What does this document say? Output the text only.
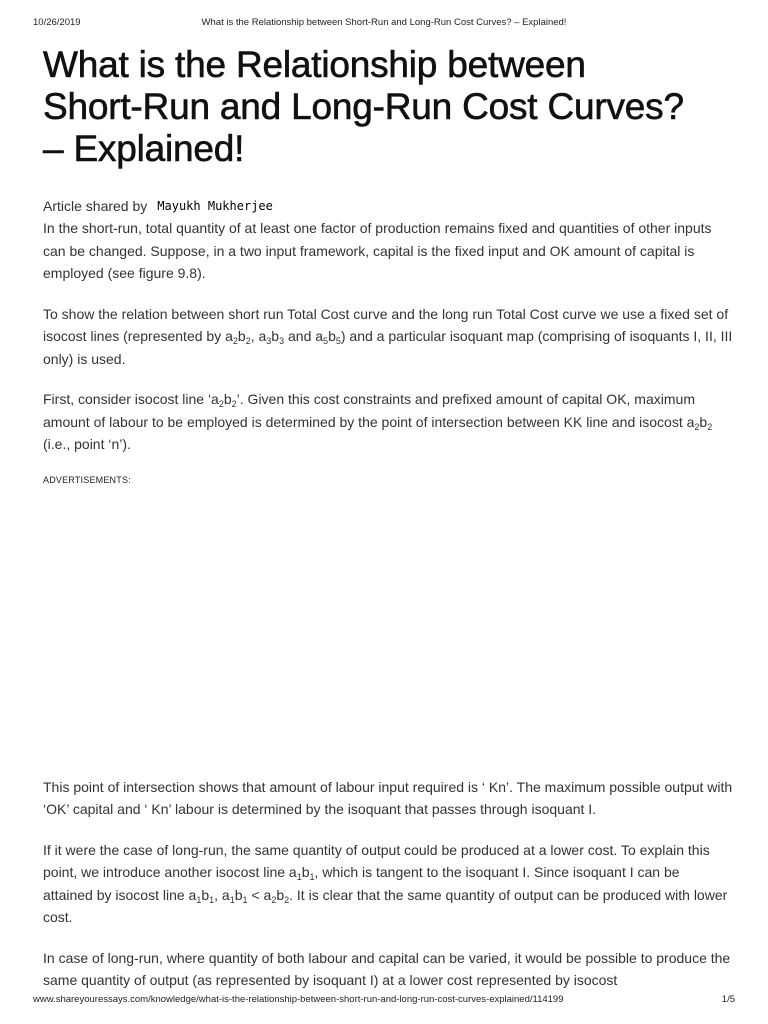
10/26/2019	What is the Relationship between Short-Run and Long-Run Cost Curves? – Explained!
What is the Relationship between
Short-Run and Long-Run Cost Curves?
– Explained!
Article shared by Mayukh Mukherjee

In the short-run, total quantity of at least one factor of production remains fixed and quantities of other inputs can be changed. Suppose, in a two input framework, capital is the fixed input and OK amount of capital is employed (see figure 9.8).

To show the relation between short run Total Cost curve and the long run Total Cost curve we use a fixed set of isocost lines (represented by $a_2b_2$, $a_3b_3$ and $a_5b_5$) and a particular isoquant map (comprising of isoquants I, II, III only) is used.

First, consider isocost line ‘$a_2b_2$’. Given this cost constraints and prefixed amount of capital OK, maximum amount of labour to be employed is determined by the point of intersection between KK line and isocost $a_2b_2$ (i.e., point ‘n’).

ADVERTISEMENTS:

This point of intersection shows that amount of labour input required is ‘ Kn’. The maximum possible output with ‘OK’ capital and ‘ Kn’ labour is determined by the isoquant that passes through isoquant I.

If it were the case of long-run, the same quantity of output could be produced at a lower cost. To explain this point, we introduce another isocost line $a_1b_1$, which is tangent to the isoquant I. Since isoquant I can be attained by isocost line $a_1b_1$, $a_1b_1 < a_2b_2$. It is clear that the same quantity of output can be produced with lower cost.

In case of long-run, where quantity of both labour and capital can be varied, it would be possible to produce the same quantity of output (as represented by isoquant I) at a lower cost represented by isocost

www.shareyouressays.com/knowledge/what-is-the-relationship-between-short-run-and-long-run-cost-curves-explained/114199	1/5
